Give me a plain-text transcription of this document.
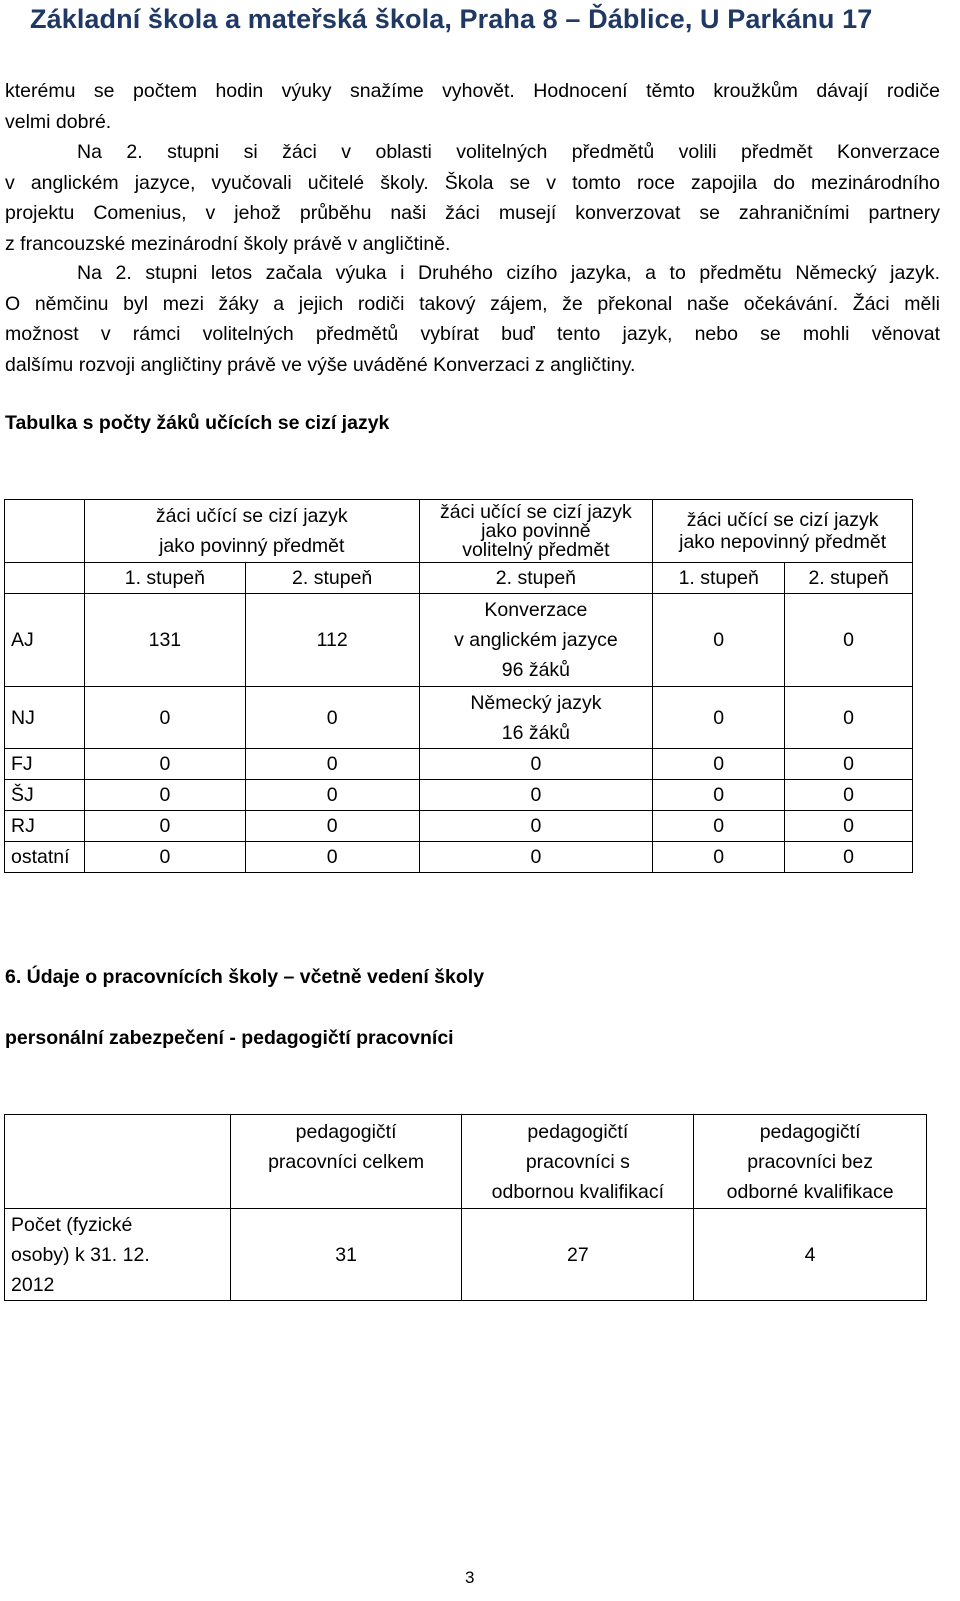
Základní škola a mateřská škola, Praha 8 – Ďáblice, U Parkánu 17
kterému se počtem hodin výuky snažíme vyhovět. Hodnocení těmto kroužkům dávají rodiče
velmi dobré.
Na 2. stupni si žáci v oblasti volitelných předmětů volili předmět Konverzace
v anglickém jazyce, vyučovali učitelé školy. Škola se v tomto roce zapojila do mezinárodního
projektu Comenius, v jehož průběhu naši žáci musejí konverzovat se zahraničními partnery
z francouzské mezinárodní školy právě v angličtině.
Na 2. stupni letos začala výuka i Druhého cizího jazyka, a to předmětu Německý jazyk.
O němčinu byl mezi žáky a jejich rodiči takový zájem, že překonal naše očekávání. Žáci měli
možnost v rámci volitelných předmětů vybírat buď tento jazyk, nebo se mohli věnovat
dalšímu rozvoji angličtiny právě ve výše uváděné Konverzaci z angličtiny.
Tabulka s počty žáků učících se cizí jazyk

	žáci učící se cizí jazyk
jako povinný předmět		žáci učící se cizí jazyk
jako povinně
volitelný předmět	žáci učící se cizí jazyk
jako nepovinný předmět	

	1. stupeň	2. stupeň	2. stupeň	1. stupeň	2. stupeň
AJ	131	112	Konverzace
v anglickém jazyce
96 žáků	0	0
NJ	0	0	Německý jazyk
16 žáků	0	0
FJ	0	0	0	0	0
ŠJ	0	0	0	0	0
RJ	0	0	0	0	0
ostatní	0	0	0	0	0
6. Údaje o pracovnících školy – včetně vedení školy
personální zabezpečení - pedagogičtí pracovníci

	pedagogičtí
pracovníci celkem	pedagogičtí
pracovníci s
odbornou kvalifikací	pedagogičtí
pracovníci bez
odborné kvalifikace

Počet (fyzické
osoby) k 31. 12.
2012	31	27	4
3
